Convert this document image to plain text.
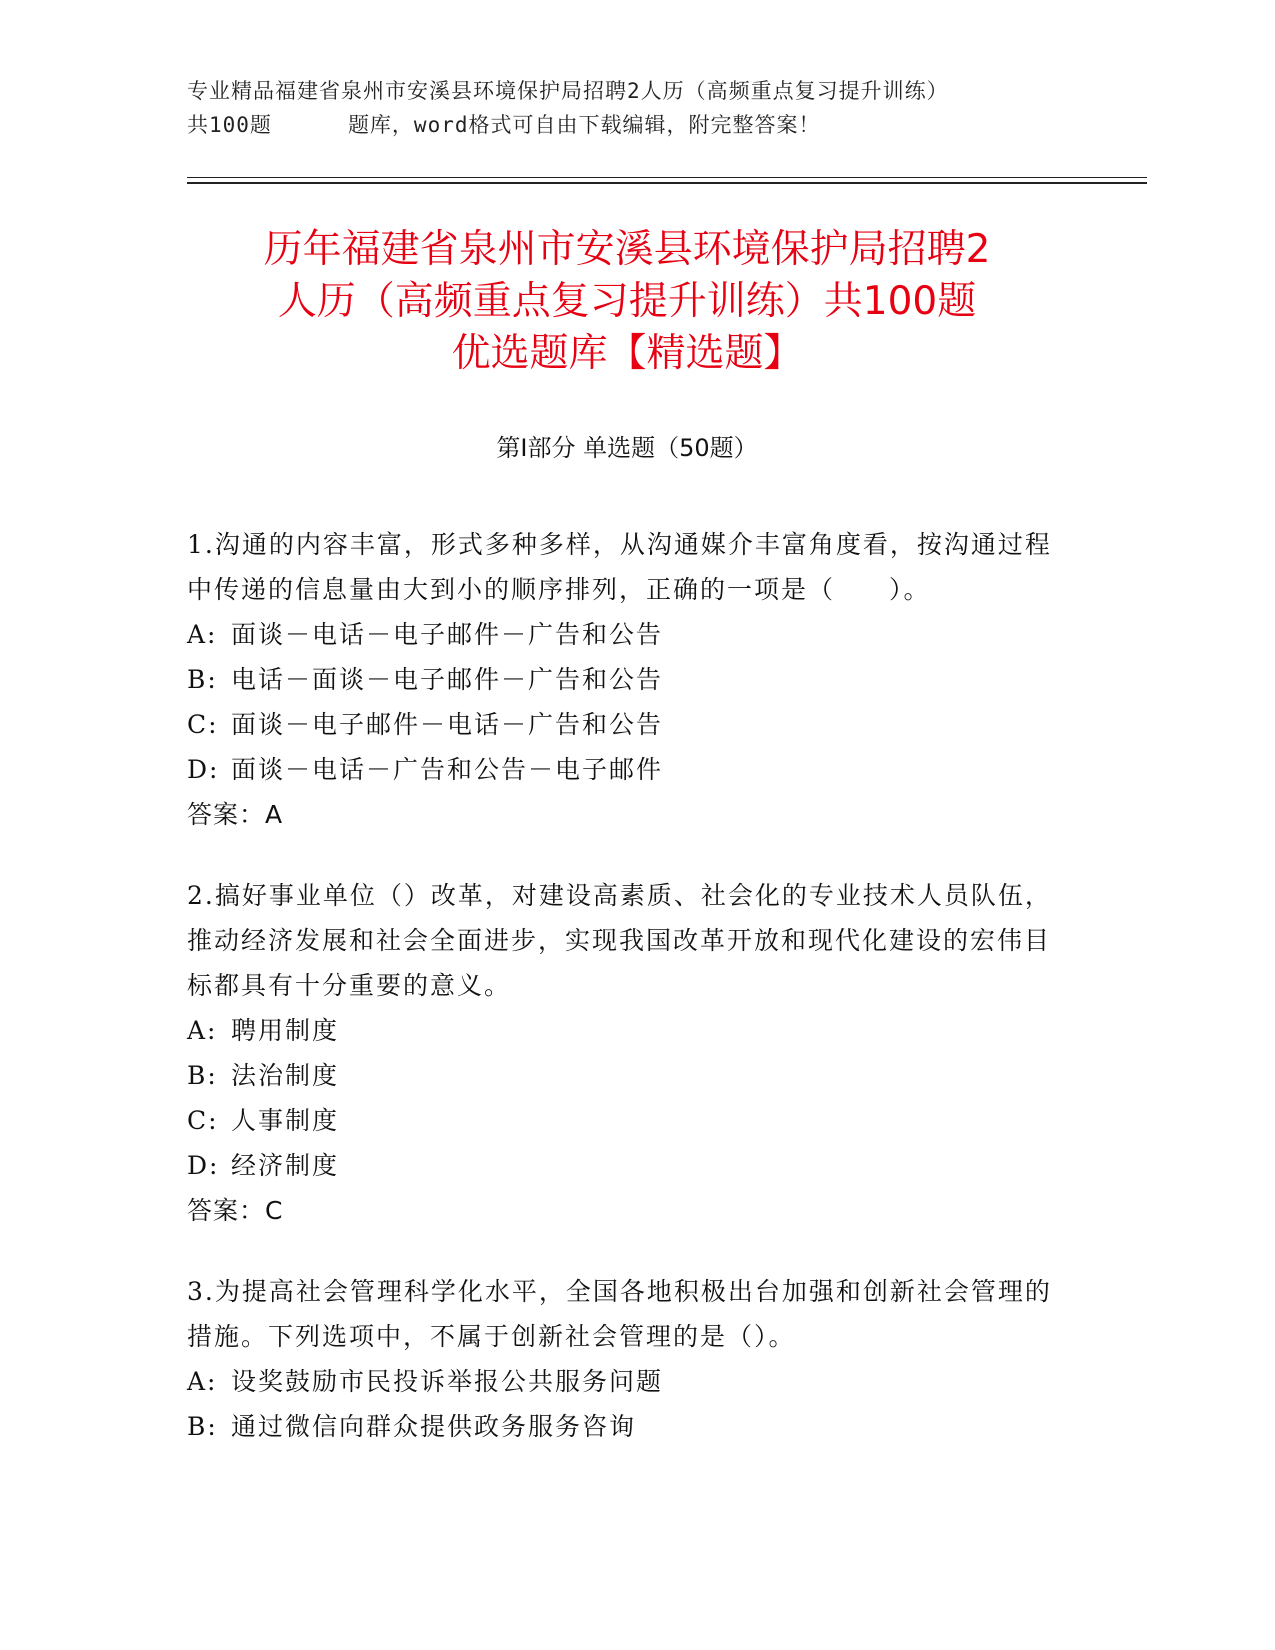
专业精品福建省泉州市安溪县环境保护局招聘2人历（高频重点复习提升训练）
共100题	题库，word格式可自由下载编辑，附完整答案！
历年福建省泉州市安溪县环境保护局招聘2
人历（高频重点复习提升训练）共100题
优选题库【精选题】
第I部分 单选题（50题）
1.沟通的内容丰富，形式多种多样，从沟通媒介丰富角度看，按沟通过程中传递的信息量由大到小的顺序排列，正确的一项是（　　）。
A: 面谈－电话－电子邮件－广告和公告
B: 电话－面谈－电子邮件－广告和公告
C: 面谈－电子邮件－电话－广告和公告
D: 面谈－电话－广告和公告－电子邮件
答案：A
2.搞好事业单位（）改革，对建设高素质、社会化的专业技术人员队伍，推动经济发展和社会全面进步，实现我国改革开放和现代化建设的宏伟目标都具有十分重要的意义。
A: 聘用制度
B: 法治制度
C: 人事制度
D: 经济制度
答案：C
3.为提高社会管理科学化水平，全国各地积极出台加强和创新社会管理的措施。下列选项中，不属于创新社会管理的是（）。
A: 设奖鼓励市民投诉举报公共服务问题
B: 通过微信向群众提供政务服务咨询
